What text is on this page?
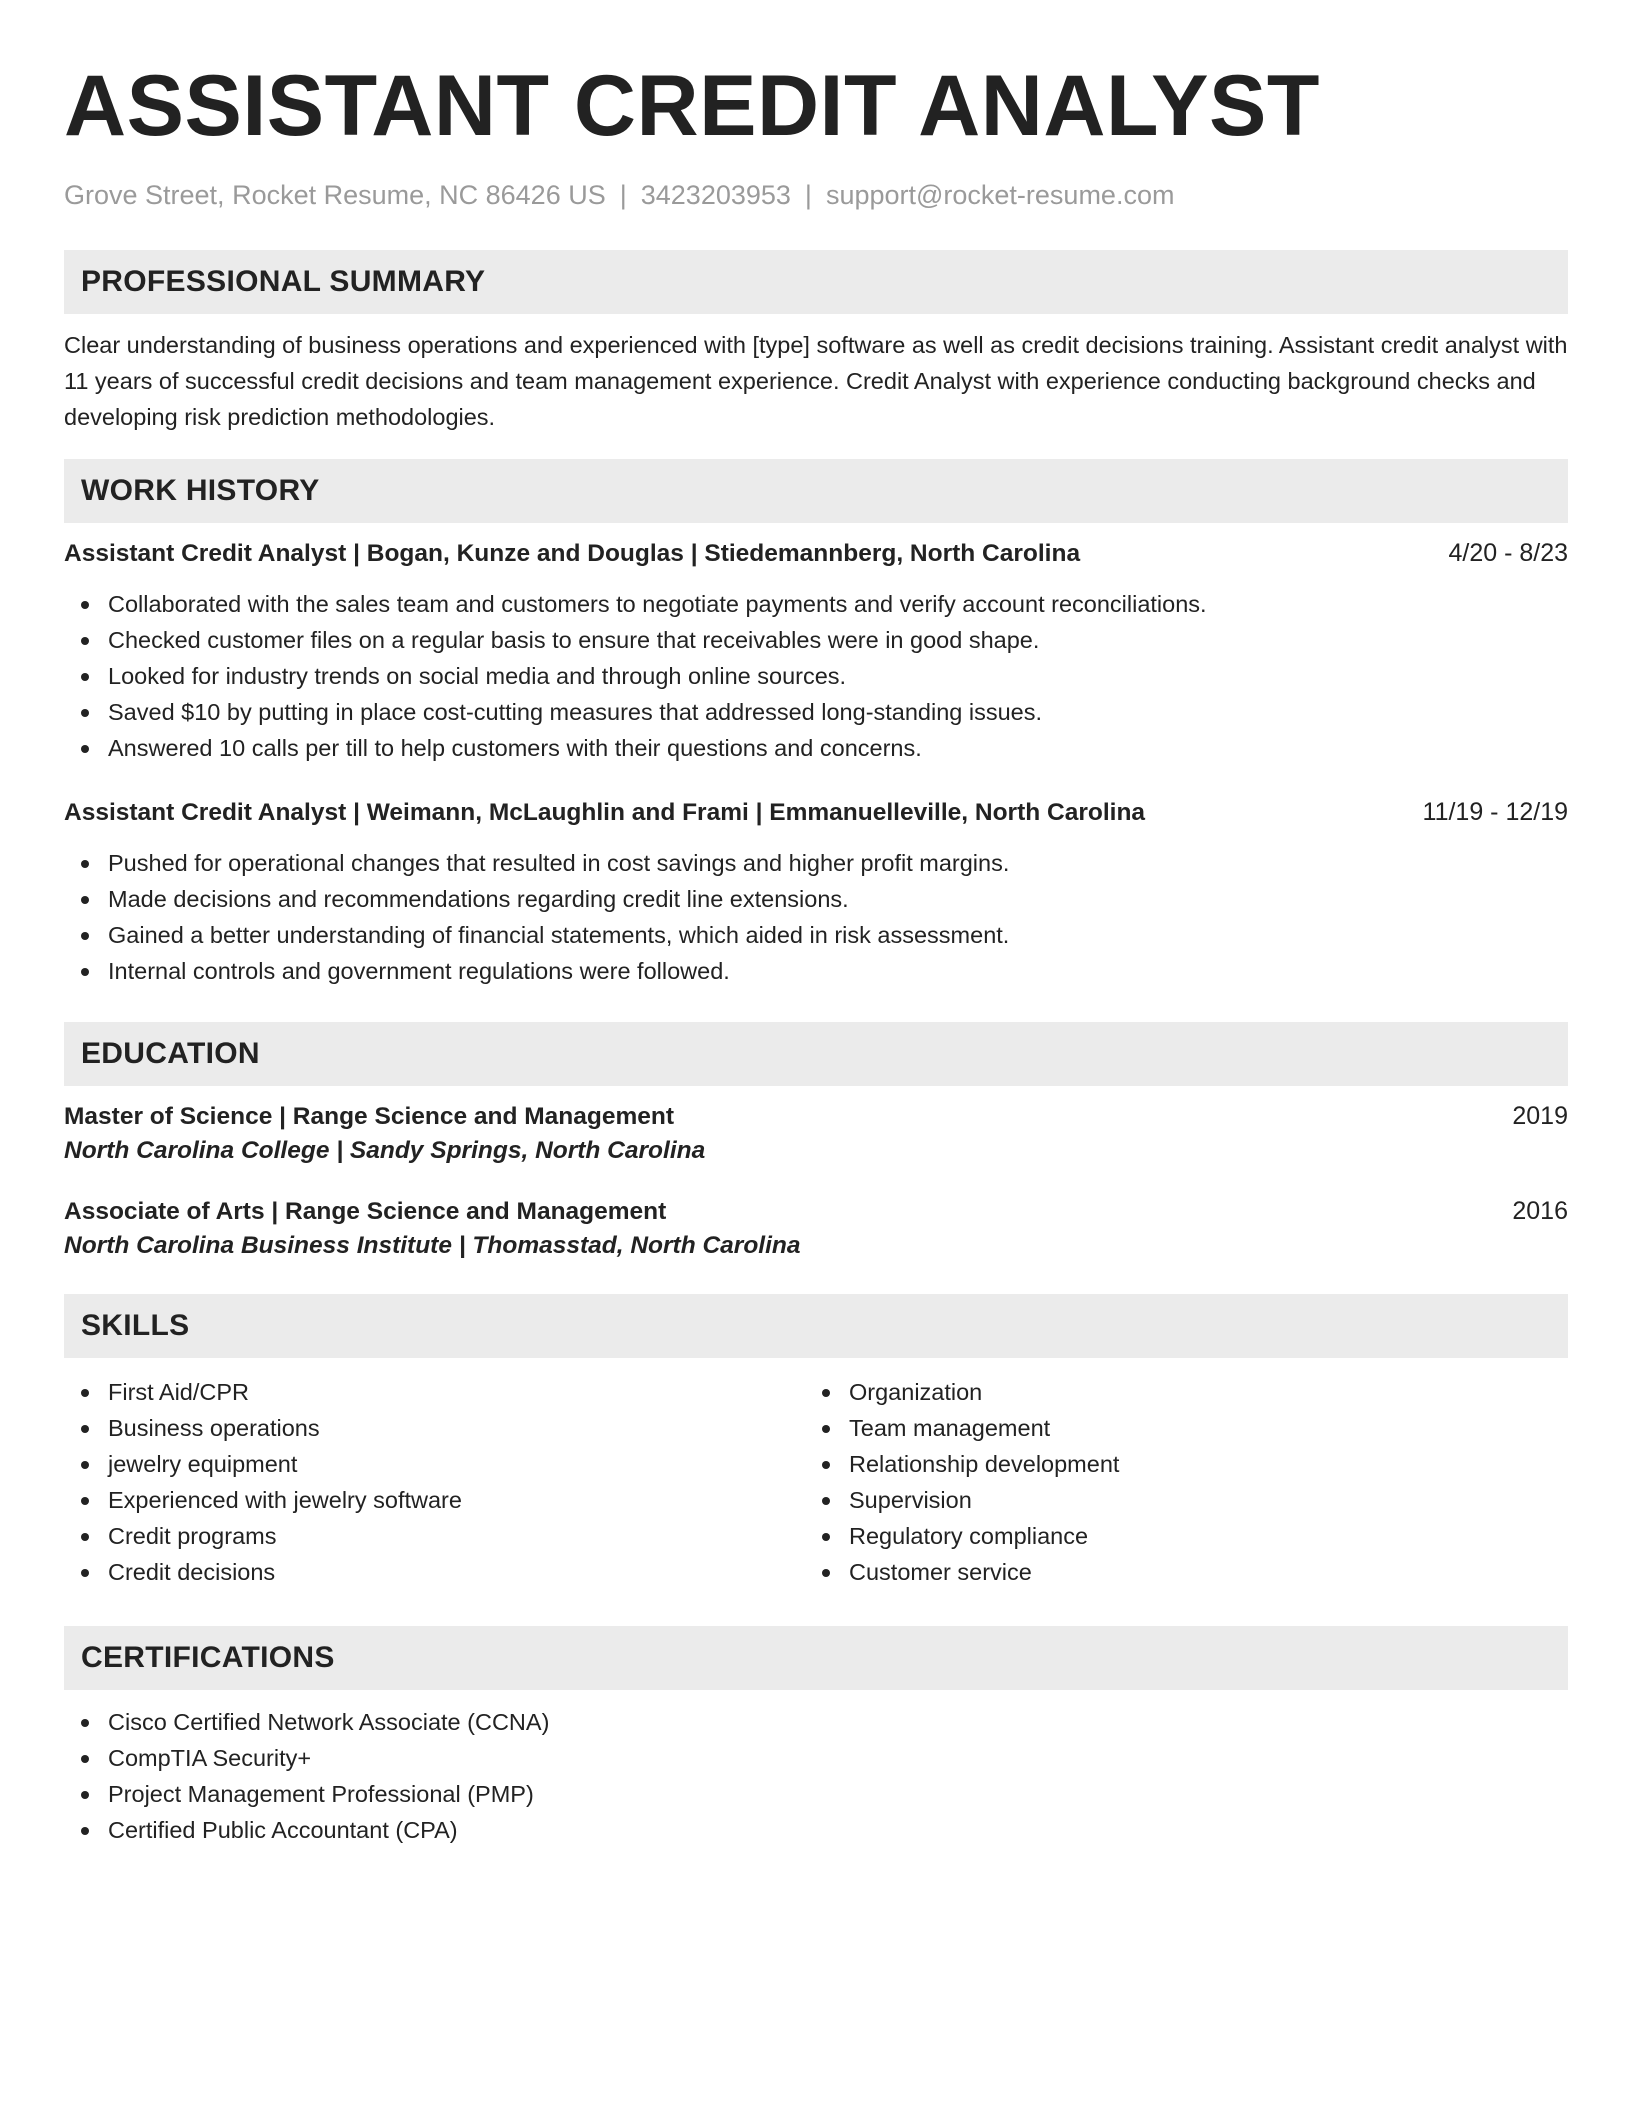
ASSISTANT CREDIT ANALYST
Grove Street, Rocket Resume, NC 86426 US | 3423203953 | support@rocket-resume.com
PROFESSIONAL SUMMARY

Clear understanding of business operations and experienced with [type] software as well as credit decisions training. Assistant credit analyst with 11 years of successful credit decisions and team management experience. Credit Analyst with experience conducting background checks and developing risk prediction methodologies.

WORK HISTORY
Assistant Credit Analyst | Bogan, Kunze and Douglas | Stiedemannberg, North Carolina	4/20 - 8/23
Collaborated with the sales team and customers to negotiate payments and verify account reconciliations.
Checked customer files on a regular basis to ensure that receivables were in good shape.
Looked for industry trends on social media and through online sources.
Saved $10 by putting in place cost-cutting measures that addressed long-standing issues.
Answered 10 calls per till to help customers with their questions and concerns.
Assistant Credit Analyst | Weimann, McLaughlin and Frami | Emmanuelleville, North Carolina	11/19 - 12/19
Pushed for operational changes that resulted in cost savings and higher profit margins.
Made decisions and recommendations regarding credit line extensions.
Gained a better understanding of financial statements, which aided in risk assessment.
Internal controls and government regulations were followed.
EDUCATION
Master of Science | Range Science and Management	2019
North Carolina College | Sandy Springs, North Carolina
Associate of Arts | Range Science and Management	2016
North Carolina Business Institute | Thomasstad, North Carolina
SKILLS
First Aid/CPR
Business operations
jewelry equipment
Experienced with jewelry software
Credit programs
Credit decisions
Organization
Team management
Relationship development
Supervision
Regulatory compliance
Customer service
CERTIFICATIONS
Cisco Certified Network Associate (CCNA)
CompTIA Security+
Project Management Professional (PMP)
Certified Public Accountant (CPA)
